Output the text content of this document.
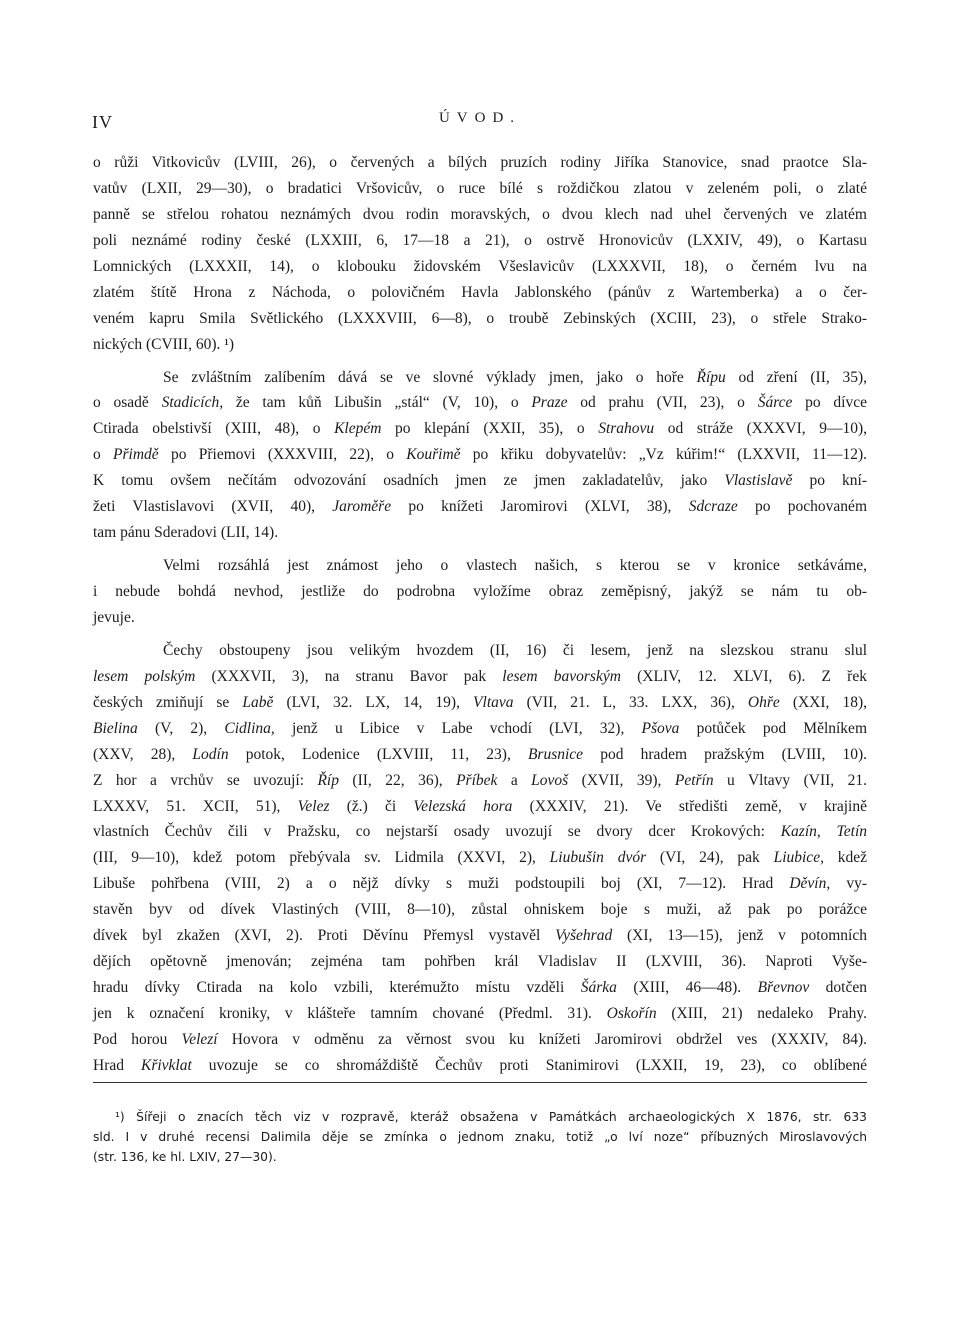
IV	ÚVOD.
o růži Vitkovicův (LVIII, 26), o červených a bílých pruzích rodiny Jiříka Stanovice, snad praotce Sla-
vatův (LXII, 29—30), o bradatici Vršovicův, o ruce bílé s roždičkou zlatou v zeleném poli, o zlaté
panně se střelou rohatou neznámých dvou rodin moravských, o dvou klech nad uhel červených ve zlatém
poli neznámé rodiny české (LXXIII, 6, 17—18 a 21), o ostrvě Hronovicův (LXXIV, 49), o Kartasu
Lomnických (LXXXII, 14), o klobouku židovském Všeslavicův (LXXXVII, 18), o černém lvu na
zlatém štítě Hrona z Náchoda, o polovičném Havla Jablonského (pánův z Wartemberka) a o čer-
veném kapru Smila Světlického (LXXXVIII, 6—8), o troubě Zebinských (XCIII, 23), o střele Strako-
nických (CVIII, 60). ¹)
Se zvláštním zalíbením dává se ve slovné výklady jmen, jako o hoře Řípu od zření (II, 35),
o osadě Stadicích, že tam kůň Libušin „stál“ (V, 10), o Praze od prahu (VII, 23), o Šárce po dívce
Ctirada obelstivší (XIII, 48), o Klepém po klepání (XXII, 35), o Strahovu od stráže (XXXVI, 9—10),
o Přimdě po Přiemovi (XXXVIII, 22), o Kouřimě po křiku dobyvatelův: „Vz kúřim!“ (LXXVII, 11—12).
K tomu ovšem nečítám odvozování osadních jmen ze jmen zakladatelův, jako Vlastislavě po kní-
žeti Vlastislavovi (XVII, 40), Jaroměře po knížeti Jaromirovi (XLVI, 38), Sdcraze po pochovaném
tam pánu Sderadovi (LII, 14).
Velmi rozsáhlá jest známost jeho o vlastech našich, s kterou se v kronice setkáváme,
i nebude bohdá nevhod, jestliže do podrobna vyložíme obraz zeměpisný, jakýž se nám tu ob-
jevuje.
Čechy obstoupeny jsou velikým hvozdem (II, 16) či lesem, jenž na slezskou stranu slul
lesem polským (XXXVII, 3), na stranu Bavor pak lesem bavorským (XLIV, 12. XLVI, 6). Z řek
českých zmiňují se Labě (LVI, 32. LX, 14, 19), Vltava (VII, 21. L, 33. LXX, 36), Ohře (XXI, 18),
Bielina (V, 2), Cidlina, jenž u Libice v Labe vchodí (LVI, 32), Pšova potůček pod Mělníkem
(XXV, 28), Lodín potok, Lodenice (LXVIII, 11, 23), Brusnice pod hradem pražským (LVIII, 10).
Z hor a vrchův se uvozují: Říp (II, 22, 36), Příbek a Lovoš (XVII, 39), Petřín u Vltavy (VII, 21.
LXXXV, 51. XCII, 51), Velez (ž.) či Velezská hora (XXXIV, 21). Ve středišti země, v krajině
vlastních Čechův čili v Pražsku, co nejstarší osady uvozují se dvory dcer Krokových: Kazín, Tetín
(III, 9—10), kdež potom přebývala sv. Lidmila (XXVI, 2), Liubušin dvór (VI, 24), pak Liubice, kdež
Libuše pohřbena (VIII, 2) a o nějž dívky s muži podstoupili boj (XI, 7—12). Hrad Děvín, vy-
stavěn byv od dívek Vlastiných (VIII, 8—10), zůstal ohniskem boje s muži, až pak po porážce
dívek byl zkažen (XVI, 2). Proti Děvínu Přemysl vystavěl Vyšehrad (XI, 13—15), jenž v potomních
dějích opětovně jmenován; zejména tam pohřben král Vladislav II (LXVIII, 36). Naproti Vyše-
hradu dívky Ctirada na kolo vzbili, kterémužto místu vzděli Šárka (XIII, 46—48). Břevnov dotčen
jen k označení kroniky, v klášteře tamním chované (Předml. 31). Oskořín (XIII, 21) nedaleko Prahy.
Pod horou Velezí Hovora v odměnu za věrnost svou ku knížeti Jaromirovi obdržel ves (XXXIV, 84).
Hrad Křivklat uvozuje se co shromáždiště Čechův proti Stanimirovi (LXXII, 19, 23), co oblíbené
¹) Šířeji o znacích těch viz v rozpravě, kteráž obsažena v Památkách archaeologických X 1876, str. 633
sld. I v druhé recensi Dalimila děje se zmínka o jednom znaku, totiž „o lví noze“ příbuzných Miroslavových
(str. 136, ke hl. LXIV, 27—30).
